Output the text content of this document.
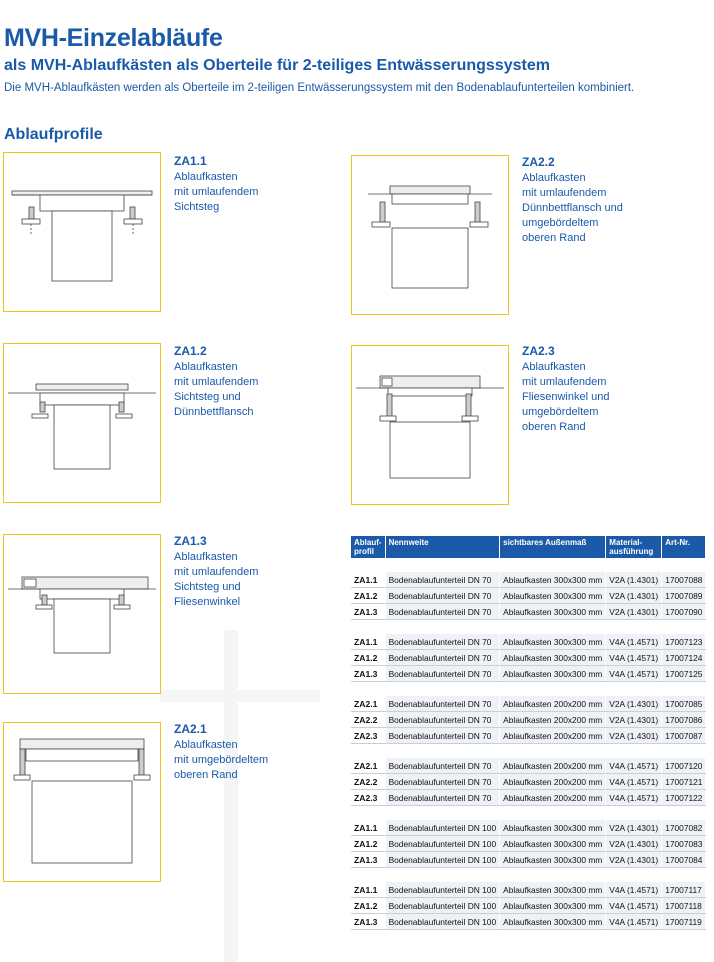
MVH-Einzelabläufe
als MVH-Ablaufkästen als Oberteile für 2-teiliges Entwässerungssystem

Die MVH-Ablaufkästen werden als Oberteile im 2-teiligen Entwässerungssystem mit den Bodenablaufunterteilen kombiniert.

Ablaufprofile
ZA1.1
Ablaufkasten
mit umlaufendem
Sichtsteg
ZA1.2
Ablaufkasten
mit umlaufendem
Sichtsteg und
Dünnbettflansch
ZA1.3
Ablaufkasten
mit umlaufendem
Sichtsteg und
Fliesenwinkel
ZA2.1
Ablaufkasten
mit umgebördeltem
oberen Rand
ZA2.2
Ablaufkasten
mit umlaufendem
Dünnbettflansch und
umgebördeltem
oberen Rand
ZA2.3
Ablaufkasten
mit umlaufendem
Fliesenwinkel und
umgebördeltem
oberen Rand
Ablauf-
profil	Nennweite	sichtbares Außenmaß	Material-
ausführung	Art-Nr.

ZA1.1	Bodenablaufunterteil DN 70	Ablaufkasten 300x300 mm	V2A (1.4301)	17007088
ZA1.2	Bodenablaufunterteil DN 70	Ablaufkasten 300x300 mm	V2A (1.4301)	17007089
ZA1.3	Bodenablaufunterteil DN 70	Ablaufkasten 300x300 mm	V2A (1.4301)	17007090

ZA1.1	Bodenablaufunterteil DN 70	Ablaufkasten 300x300 mm	V4A (1.4571)	17007123
ZA1.2	Bodenablaufunterteil DN 70	Ablaufkasten 300x300 mm	V4A (1.4571)	17007124
ZA1.3	Bodenablaufunterteil DN 70	Ablaufkasten 300x300 mm	V4A (1.4571)	17007125

ZA2.1	Bodenablaufunterteil DN 70	Ablaufkasten 200x200 mm	V2A (1.4301)	17007085
ZA2.2	Bodenablaufunterteil DN 70	Ablaufkasten 200x200 mm	V2A (1.4301)	17007086
ZA2.3	Bodenablaufunterteil DN 70	Ablaufkasten 200x200 mm	V2A (1.4301)	17007087

ZA2.1	Bodenablaufunterteil DN 70	Ablaufkasten 200x200 mm	V4A (1.4571)	17007120
ZA2.2	Bodenablaufunterteil DN 70	Ablaufkasten 200x200 mm	V4A (1.4571)	17007121
ZA2.3	Bodenablaufunterteil DN 70	Ablaufkasten 200x200 mm	V4A (1.4571)	17007122

ZA1.1	Bodenablaufunterteil DN 100	Ablaufkasten 300x300 mm	V2A (1.4301)	17007082
ZA1.2	Bodenablaufunterteil DN 100	Ablaufkasten 300x300 mm	V2A (1.4301)	17007083
ZA1.3	Bodenablaufunterteil DN 100	Ablaufkasten 300x300 mm	V2A (1.4301)	17007084

ZA1.1	Bodenablaufunterteil DN 100	Ablaufkasten 300x300 mm	V4A (1.4571)	17007117
ZA1.2	Bodenablaufunterteil DN 100	Ablaufkasten 300x300 mm	V4A (1.4571)	17007118
ZA1.3	Bodenablaufunterteil DN 100	Ablaufkasten 300x300 mm	V4A (1.4571)	17007119
